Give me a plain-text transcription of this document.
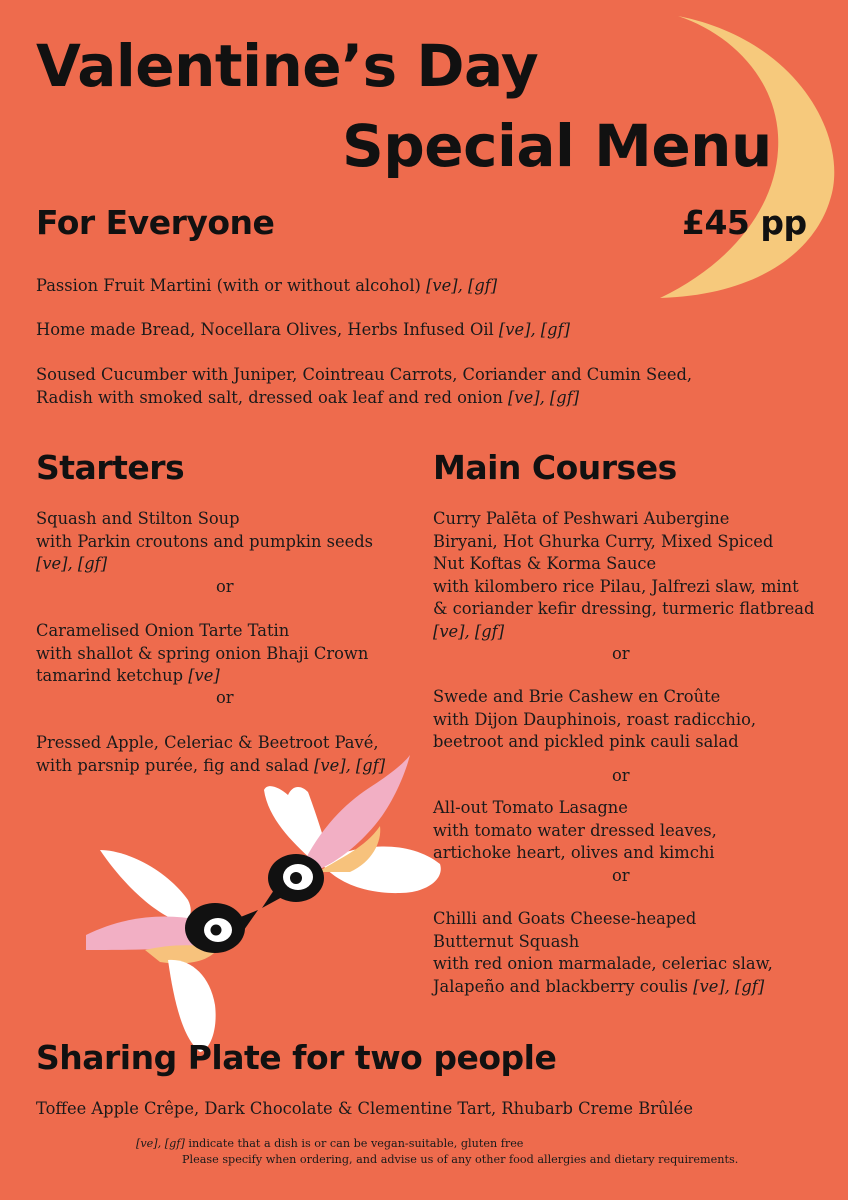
Valentine’s Day
Special Menu
For Everyone	£45 pp

Passion Fruit Martini (with or without alcohol) [ve], [gf]

Home made Bread, Nocellara Olives, Herbs Infused Oil [ve], [gf]

Soused Cucumber with Juniper, Cointreau Carrots, Coriander and Cumin Seed,
Radish with smoked salt, dressed oak leaf and red onion [ve], [gf]

Starters

Squash and Stilton Soup
with Parkin croutons and pumpkin seeds
[ve], [gf]

or

Caramelised Onion Tarte Tatin
with shallot & spring onion Bhaji Crown
tamarind ketchup [ve]

or

Pressed Apple, Celeriac & Beetroot Pavé,
with parsnip purée, fig and salad [ve], [gf]

Main Courses

Curry Palēta of Peshwari Aubergine
Biryani, Hot Ghurka Curry, Mixed Spiced
Nut Koftas & Korma Sauce
with kilombero rice Pilau, Jalfrezi slaw, mint
& coriander kefir dressing, turmeric flatbread
[ve], [gf]

or

Swede and Brie Cashew en Croûte
with Dijon Dauphinois, roast radicchio,
beetroot and pickled pink cauli salad

or

All-out Tomato Lasagne
with tomato water dressed leaves,
artichoke heart, olives and kimchi

or

Chilli and Goats Cheese-heaped
Butternut Squash
with red onion marmalade, celeriac slaw,
Jalapeño and blackberry coulis [ve], [gf]

Sharing Plate for two people

Toffee Apple Crêpe, Dark Chocolate & Clementine Tart, Rhubarb Creme Brûlée

[ve], [gf] indicate that a dish is or can be vegan-suitable, gluten free
Please specify when ordering, and advise us of any other food allergies and dietary requirements.
